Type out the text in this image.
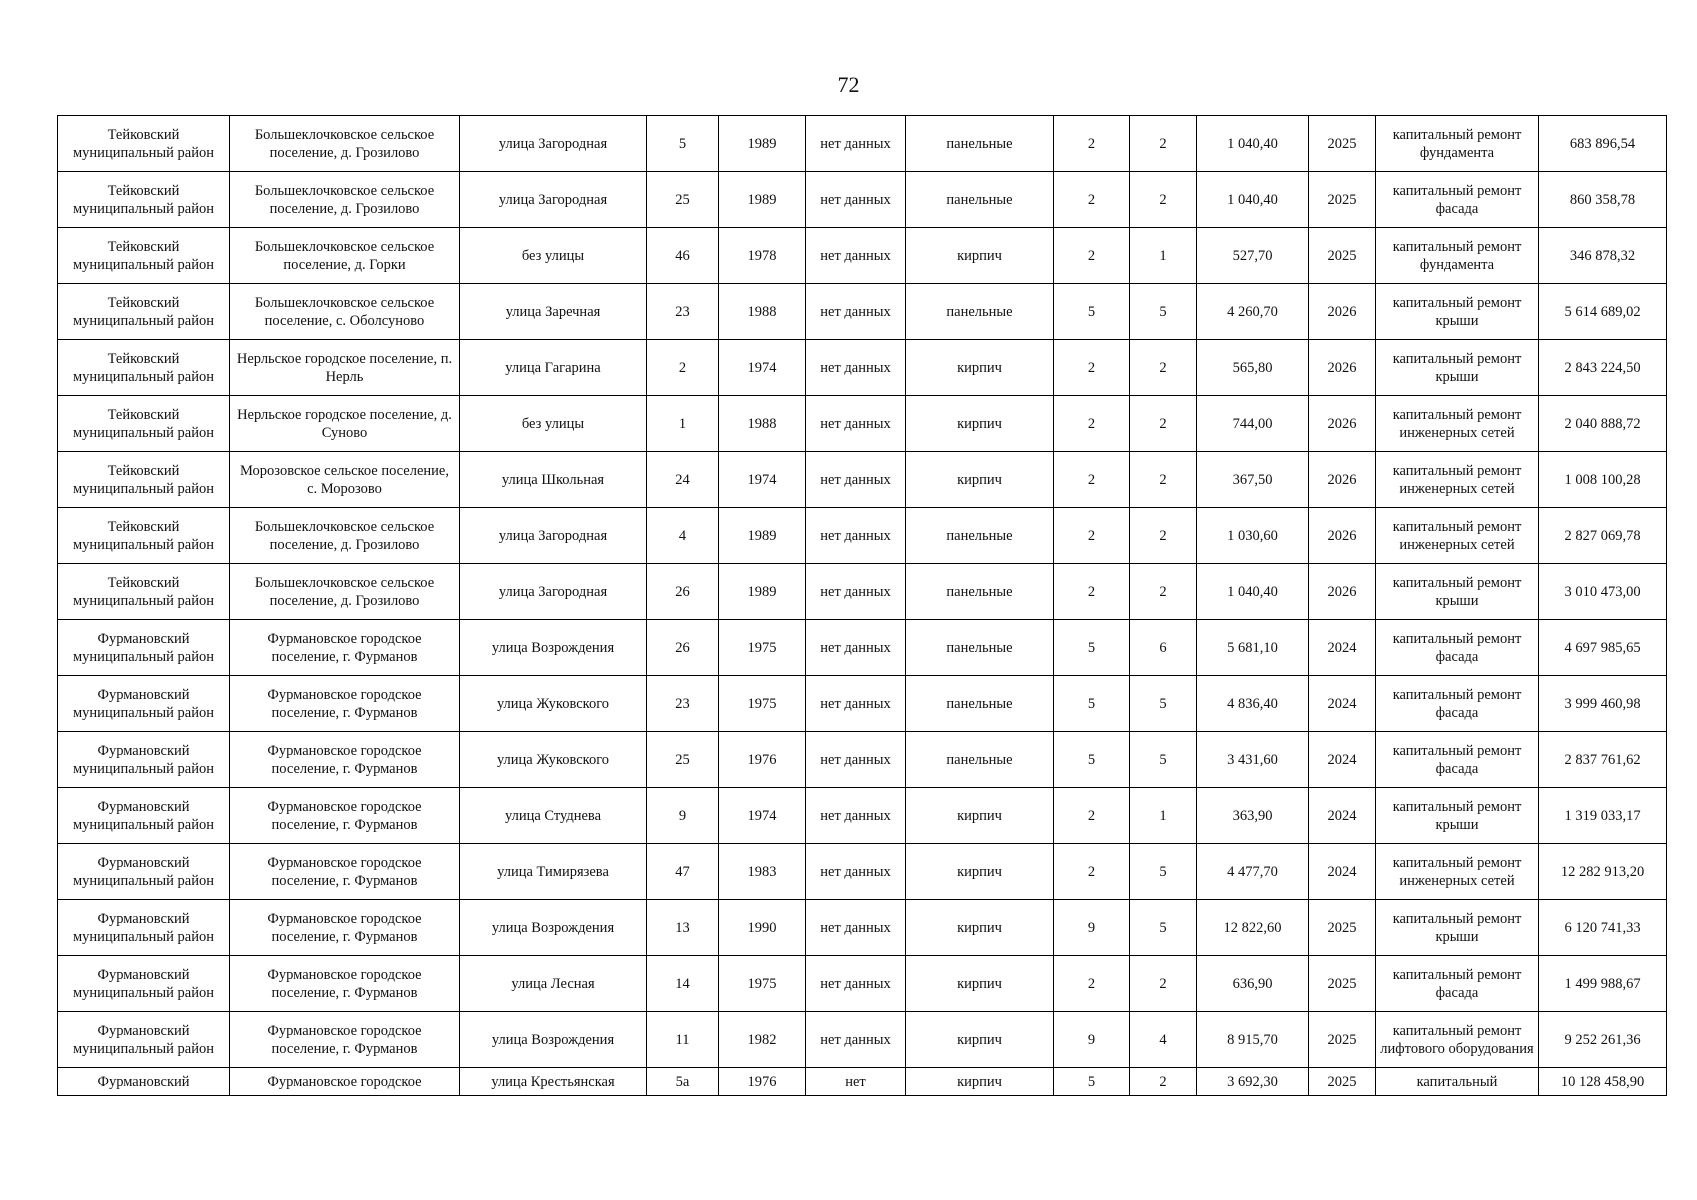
72
Тейковский муниципальный район	Большеклочковское сельское поселение, д. Грозилово	улица Загородная	5	1989	нет данных	панельные	2	2	1 040,40	2025	капитальный ремонт фундамента	683 896,54
Тейковский муниципальный район	Большеклочковское сельское поселение, д. Грозилово	улица Загородная	25	1989	нет данных	панельные	2	2	1 040,40	2025	капитальный ремонт фасада	860 358,78
Тейковский муниципальный район	Большеклочковское сельское поселение, д. Горки	без улицы	46	1978	нет данных	кирпич	2	1	527,70	2025	капитальный ремонт фундамента	346 878,32
Тейковский муниципальный район	Большеклочковское сельское поселение, с. Оболсуново	улица Заречная	23	1988	нет данных	панельные	5	5	4 260,70	2026	капитальный ремонт крыши	5 614 689,02
Тейковский муниципальный район	Нерльское городское поселение, п. Нерль	улица Гагарина	2	1974	нет данных	кирпич	2	2	565,80	2026	капитальный ремонт крыши	2 843 224,50
Тейковский муниципальный район	Нерльское городское поселение, д. Суново	без улицы	1	1988	нет данных	кирпич	2	2	744,00	2026	капитальный ремонт инженерных сетей	2 040 888,72
Тейковский муниципальный район	Морозовское сельское поселение, с. Морозово	улица Школьная	24	1974	нет данных	кирпич	2	2	367,50	2026	капитальный ремонт инженерных сетей	1 008 100,28
Тейковский муниципальный район	Большеклочковское сельское поселение, д. Грозилово	улица Загородная	4	1989	нет данных	панельные	2	2	1 030,60	2026	капитальный ремонт инженерных сетей	2 827 069,78
Тейковский муниципальный район	Большеклочковское сельское поселение, д. Грозилово	улица Загородная	26	1989	нет данных	панельные	2	2	1 040,40	2026	капитальный ремонт крыши	3 010 473,00
Фурмановский муниципальный район	Фурмановское городское поселение, г. Фурманов	улица Возрождения	26	1975	нет данных	панельные	5	6	5 681,10	2024	капитальный ремонт фасада	4 697 985,65
Фурмановский муниципальный район	Фурмановское городское поселение, г. Фурманов	улица Жуковского	23	1975	нет данных	панельные	5	5	4 836,40	2024	капитальный ремонт фасада	3 999 460,98
Фурмановский муниципальный район	Фурмановское городское поселение, г. Фурманов	улица Жуковского	25	1976	нет данных	панельные	5	5	3 431,60	2024	капитальный ремонт фасада	2 837 761,62
Фурмановский муниципальный район	Фурмановское городское поселение, г. Фурманов	улица Студнева	9	1974	нет данных	кирпич	2	1	363,90	2024	капитальный ремонт крыши	1 319 033,17
Фурмановский муниципальный район	Фурмановское городское поселение, г. Фурманов	улица Тимирязева	47	1983	нет данных	кирпич	2	5	4 477,70	2024	капитальный ремонт инженерных сетей	12 282 913,20
Фурмановский муниципальный район	Фурмановское городское поселение, г. Фурманов	улица Возрождения	13	1990	нет данных	кирпич	9	5	12 822,60	2025	капитальный ремонт крыши	6 120 741,33
Фурмановский муниципальный район	Фурмановское городское поселение, г. Фурманов	улица Лесная	14	1975	нет данных	кирпич	2	2	636,90	2025	капитальный ремонт фасада	1 499 988,67
Фурмановский муниципальный район	Фурмановское городское поселение, г. Фурманов	улица Возрождения	11	1982	нет данных	кирпич	9	4	8 915,70	2025	капитальный ремонт лифтового оборудования	9 252 261,36
Фурмановский	Фурмановское городское	улица Крестьянская	5а	1976	нет	кирпич	5	2	3 692,30	2025	капитальный	10 128 458,90
